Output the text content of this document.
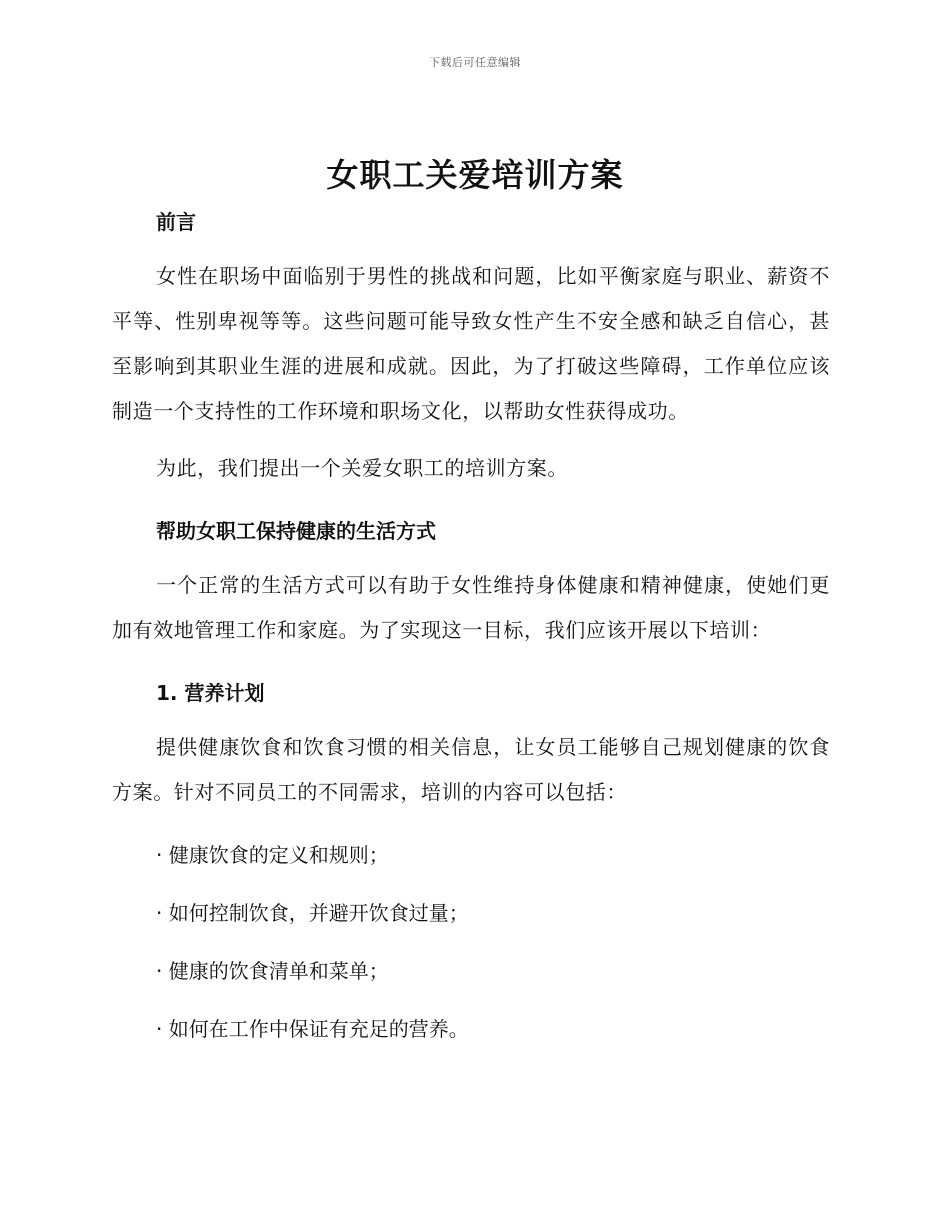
下载后可任意编辑
女职工关爱培训方案

前言

女性在职场中面临别于男性的挑战和问题，比如平衡家庭与职业、薪资不平等、性别卑视等等。这些问题可能导致女性产生不安全感和缺乏自信心，甚至影响到其职业生涯的进展和成就。因此，为了打破这些障碍，工作单位应该制造一个支持性的工作环境和职场文化，以帮助女性获得成功。

为此，我们提出一个关爱女职工的培训方案。

帮助女职工保持健康的生活方式

一个正常的生活方式可以有助于女性维持身体健康和精神健康，使她们更加有效地管理工作和家庭。为了实现这一目标，我们应该开展以下培训：

1. 营养计划

提供健康饮食和饮食习惯的相关信息，让女员工能够自己规划健康的饮食方案。针对不同员工的不同需求，培训的内容可以包括：

· 健康饮食的定义和规则；

· 如何控制饮食，并避开饮食过量；

· 健康的饮食清单和菜单；

· 如何在工作中保证有充足的营养。
